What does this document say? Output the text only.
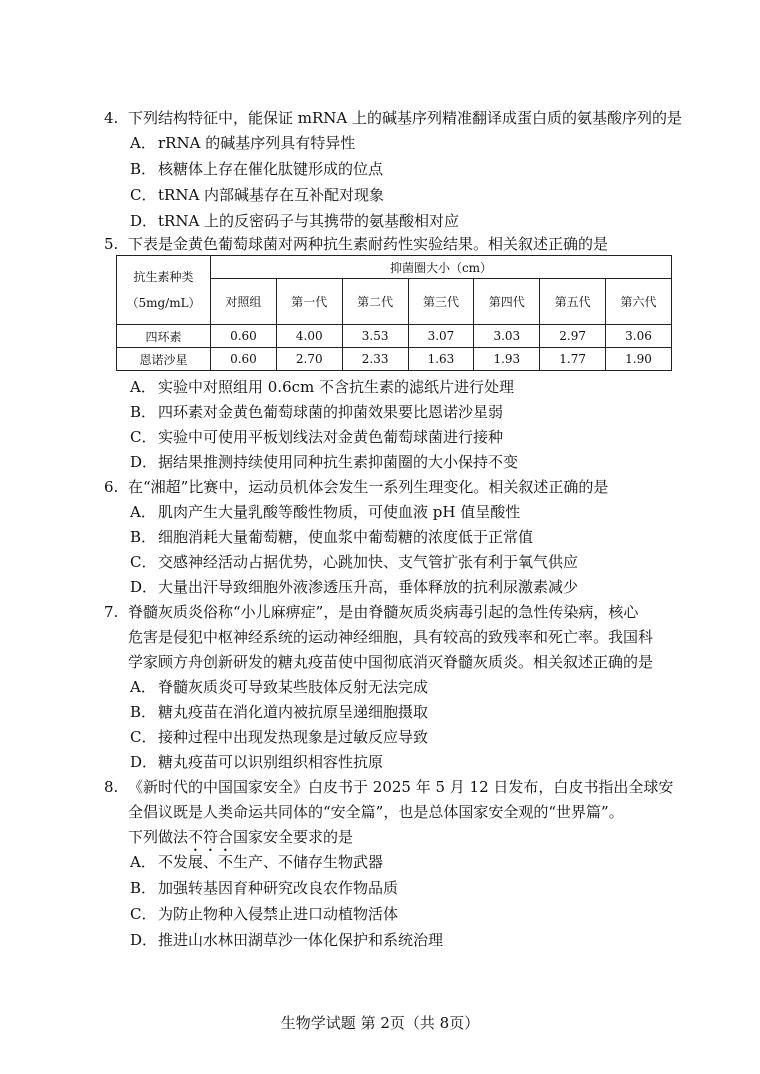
4. 下列结构特征中，能保证 mRNA 上的碱基序列精准翻译成蛋白质的氨基酸序列的是
A． rRNA 的碱基序列具有特异性
B． 核糖体上存在催化肽键形成的位点
C． tRNA 内部碱基存在互补配对现象
D．tRNA 上的反密码子与其携带的氨基酸相对应
5. 下表是金黄色葡萄球菌对两种抗生素耐药性实验结果。相关叙述正确的是
抗生素种类
（5mg/mL）	抑菌圈大小（cm）						
	对照组	第一代	第二代	第三代	第四代	第五代	第六代
四环素	0.60	4.00	3.53	3.07	3.03	2.97	3.06
恩诺沙星	0.60	2.70	2.33	1.63	1.93	1.77	1.90
A． 实验中对照组用 0.6cm 不含抗生素的滤纸片进行处理
B． 四环素对金黄色葡萄球菌的抑菌效果要比恩诺沙星弱
C． 实验中可使用平板划线法对金黄色葡萄球菌进行接种
D．据结果推测持续使用同种抗生素抑菌圈的大小保持不变
6. 在“湘超”比赛中，运动员机体会发生一系列生理变化。相关叙述正确的是
A． 肌肉产生大量乳酸等酸性物质，可使血液 pH 值呈酸性
B． 细胞消耗大量葡萄糖，使血浆中葡萄糖的浓度低于正常值
C． 交感神经活动占据优势，心跳加快、支气管扩张有利于氧气供应
D．大量出汗导致细胞外液渗透压升高，垂体释放的抗利尿激素减少
7. 脊髓灰质炎俗称“小儿麻痹症”，是由脊髓灰质炎病毒引起的急性传染病，核心
危害是侵犯中枢神经系统的运动神经细胞，具有较高的致残率和死亡率。我国科
学家顾方舟创新研发的糖丸疫苗使中国彻底消灭脊髓灰质炎。相关叙述正确的是
A． 脊髓灰质炎可导致某些肢体反射无法完成
B． 糖丸疫苗在消化道内被抗原呈递细胞摄取
C． 接种过程中出现发热现象是过敏反应导致
D．糖丸疫苗可以识别组织相容性抗原
8. 《新时代的中国国家安全》白皮书于 2025 年 5 月 12 日发布，白皮书指出全球安
全倡议既是人类命运共同体的“安全篇”，也是总体国家安全观的“世界篇”。
下列做法不符合国家安全要求的是
A． 不发展、不生产、不储存生物武器
B． 加强转基因育种研究改良农作物品质
C． 为防止物种入侵禁止进口动植物活体
D．推进山水林田湖草沙一体化保护和系统治理
生物学试题 第 2页（共 8页）
